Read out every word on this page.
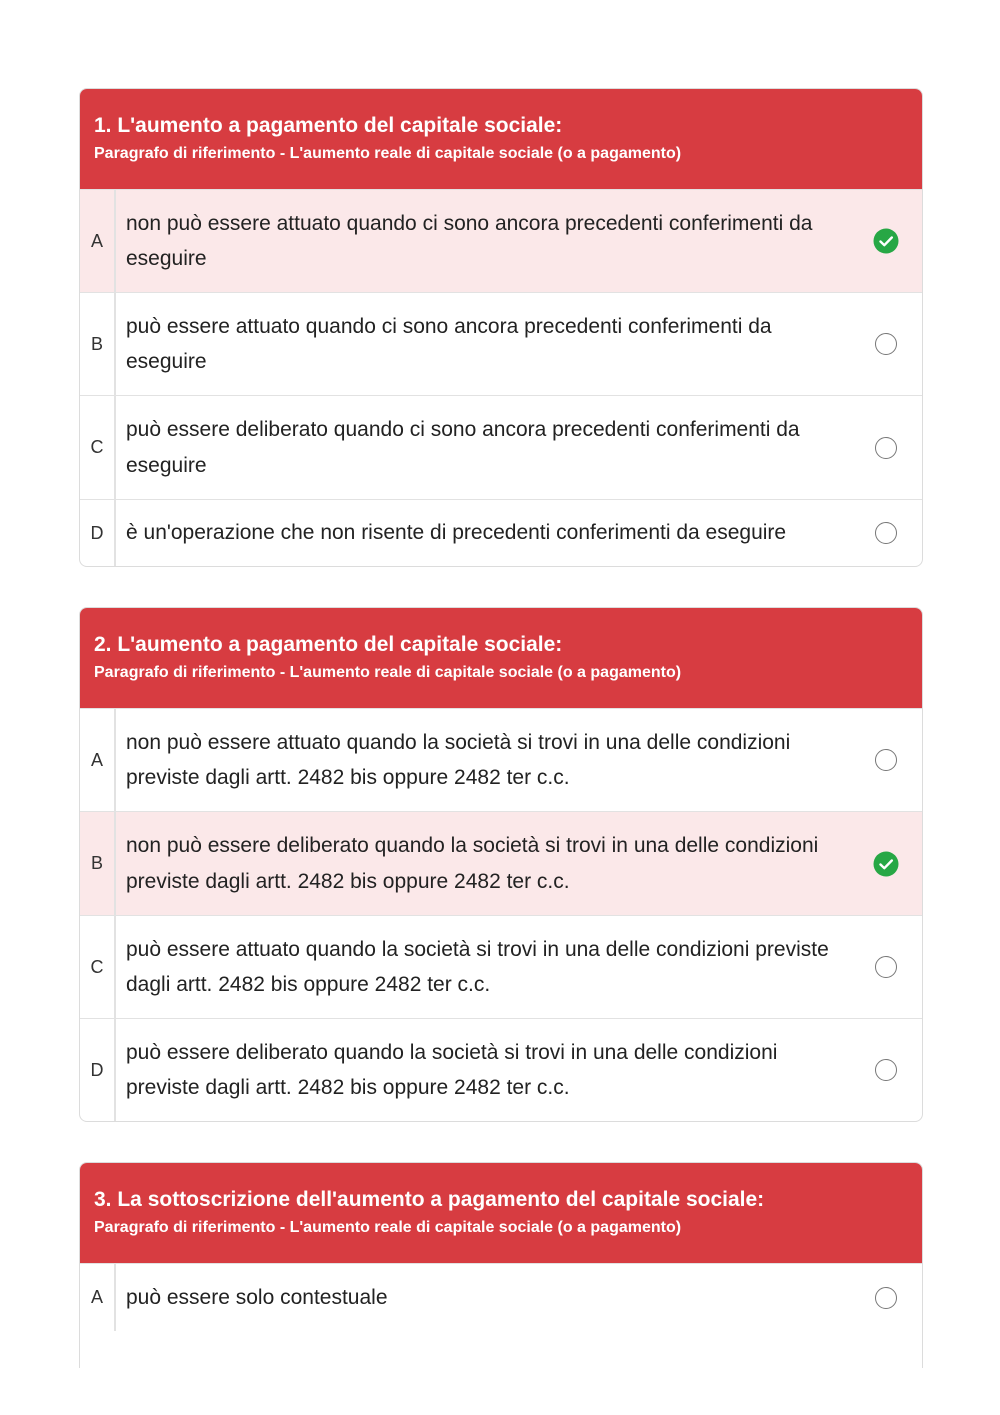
1. L'aumento a pagamento del capitale sociale:
Paragrafo di riferimento - L'aumento reale di capitale sociale (o a pagamento)
A
non può essere attuato quando ci sono ancora precedenti conferimenti da eseguire
B
può essere attuato quando ci sono ancora precedenti conferimenti da eseguire
C
può essere deliberato quando ci sono ancora precedenti conferimenti da eseguire
D	è un'operazione che non risente di precedenti conferimenti da eseguire
2. L'aumento a pagamento del capitale sociale:
Paragrafo di riferimento - L'aumento reale di capitale sociale (o a pagamento)
A
non può essere attuato quando la società si trovi in una delle condizioni previste dagli artt. 2482 bis oppure 2482 ter c.c.
B
non può essere deliberato quando la società si trovi in una delle condizioni previste dagli artt. 2482 bis oppure 2482 ter c.c.
C
può essere attuato quando la società si trovi in una delle condizioni previste dagli artt. 2482 bis oppure 2482 ter c.c.
D
può essere deliberato quando la società si trovi in una delle condizioni previste dagli artt. 2482 bis oppure 2482 ter c.c.
3. La sottoscrizione dell'aumento a pagamento del capitale sociale:
Paragrafo di riferimento - L'aumento reale di capitale sociale (o a pagamento)
A	può essere solo contestuale
